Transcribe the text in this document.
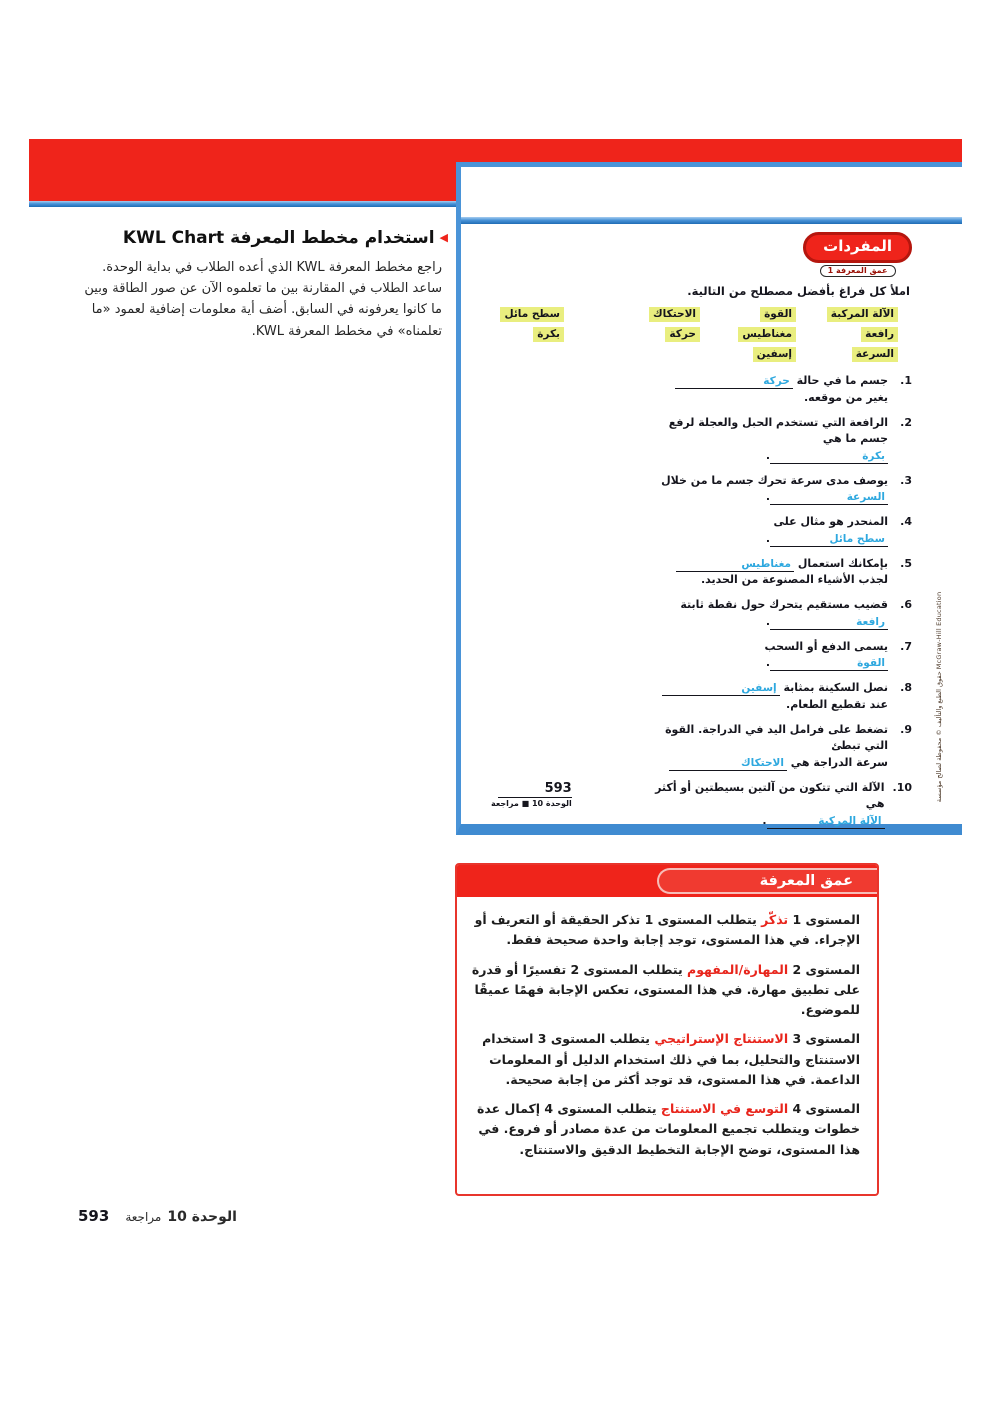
◀استخدام مخطط المعرفة KWL Chart

راجع مخطط المعرفة KWL الذي أعده الطلاب في بداية الوحدة. ساعد الطلاب في المقارنة بين ما تعلموه الآن عن صور الطاقة وبين ما كانوا يعرفونه في السابق. أضف أية معلومات إضافية لعمود «ما تعلمناه» في مخطط المعرفة KWL.

المفردات
عمق المعرفة 1

املأ كل فراغ بأفضل مصطلح من التالية.

الآلة المركبة
القوة
الاحتكاك
سطح مائل
رافعة
مغناطيس
حركة
بكرة
السرعة
إسفين
1.
جسم ما في حالة حركة
يغير من موقعه.
2.
الرافعة التي تستخدم الحبل والعجلة لرفع جسم ما هي
بكرة.
3.
يوصف مدى سرعة تحرك جسم ما من خلال
السرعة.
4.
المنحدر هو مثال على
سطح مائل.
5.
بإمكانك استعمال مغناطيس
لجذب الأشياء المصنوعة من الحديد.
6.
قضيب مستقيم يتحرك حول نقطة ثابتة
رافعة.
7.
يسمى الدفع أو السحب
القوة.
8.
نصل السكينة بمثابة إسفين
عند تقطيع الطعام.
9.
تضغط على فرامل اليد في الدراجة. القوة التي تبطئ
سرعة الدراجة هي الاحتكاك
10.
الآلة التي تتكون من آلتين بسيطتين أو أكثر هي
الآلة المركبة.
593
الوحدة 10 ■ مراجعة
حقوق الطبع والتأليف © محفوظة لصالح مؤسسة McGraw-Hill Education
عمق المعرفة

المستوى 1 تذكّر يتطلب المستوى 1 تذكر الحقيقة أو التعريف أو الإجراء. في هذا المستوى، توجد إجابة واحدة صحيحة فقط.

المستوى 2 المهارة/المفهوم يتطلب المستوى 2 تفسيرًا أو قدرة على تطبيق مهارة. في هذا المستوى، تعكس الإجابة فهمًا عميقًا للموضوع.

المستوى 3 الاستنتاج الإستراتيجي يتطلب المستوى 3 استخدام الاستنتاج والتحليل، بما في ذلك استخدام الدليل أو المعلومات الداعمة. في هذا المستوى، قد توجد أكثر من إجابة صحيحة.

المستوى 4 التوسع في الاستنتاج يتطلب المستوى 4 إكمال عدة خطوات ويتطلب تجميع المعلومات من عدة مصادر أو فروع. في هذا المستوى، توضح الإجابة التخطيط الدقيق والاستنتاج.

593	الوحدة 10
مراجعة
